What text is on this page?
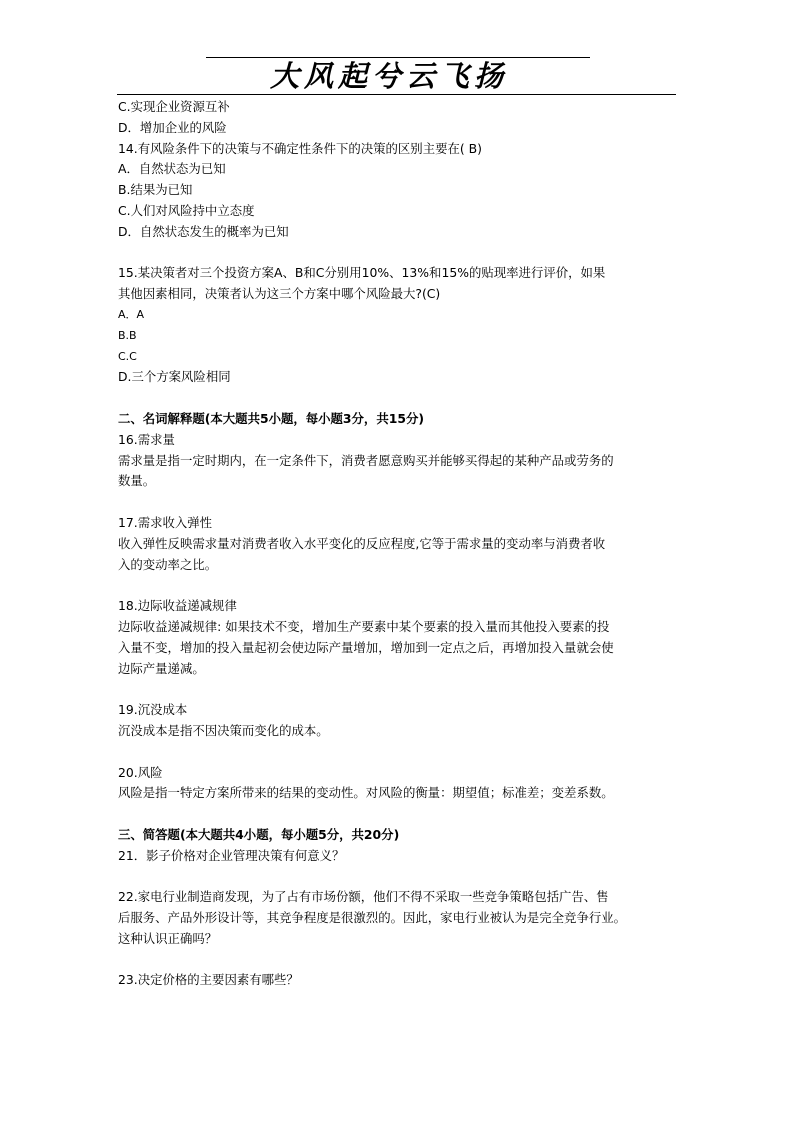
大风起兮云飞扬
C.实现企业资源互补
D．增加企业的风险
14.有风险条件下的决策与不确定性条件下的决策的区别主要在( B)
A．自然状态为已知
B.结果为已知
C.人们对风险持中立态度
D．自然状态发生的概率为已知
15.某决策者对三个投资方案A、B和C分别用10%、13%和15%的贴现率进行评价，如果
其他因素相同，决策者认为这三个方案中哪个风险最大?(C)
A．A
B.B
C.C
D.三个方案风险相同
二、名词解释题(本大题共5小题，每小题3分，共15分)
16.需求量
需求量是指一定时期内，在一定条件下，消费者愿意购买并能够买得起的某种产品或劳务的
数量。
17.需求收入弹性
收入弹性反映需求量对消费者收入水平变化的反应程度,它等于需求量的变动率与消费者收
入的变动率之比。
18.边际收益递减规律
边际收益递减规律: 如果技术不变，增加生产要素中某个要素的投入量而其他投入要素的投
入量不变，增加的投入量起初会使边际产量增加，增加到一定点之后，再增加投入量就会使
边际产量递减。
19.沉没成本
沉没成本是指不因决策而变化的成本。
20.风险
风险是指一特定方案所带来的结果的变动性。对风险的衡量：期望值；标准差；变差系数。
三、简答题(本大题共4小题，每小题5分，共20分)
21．影子价格对企业管理决策有何意义？
22.家电行业制造商发现，为了占有市场份额，他们不得不采取一些竞争策略包括广告、售
后服务、产品外形设计等，其竞争程度是很激烈的。因此，家电行业被认为是完全竞争行业。
这种认识正确吗？
23.决定价格的主要因素有哪些？
